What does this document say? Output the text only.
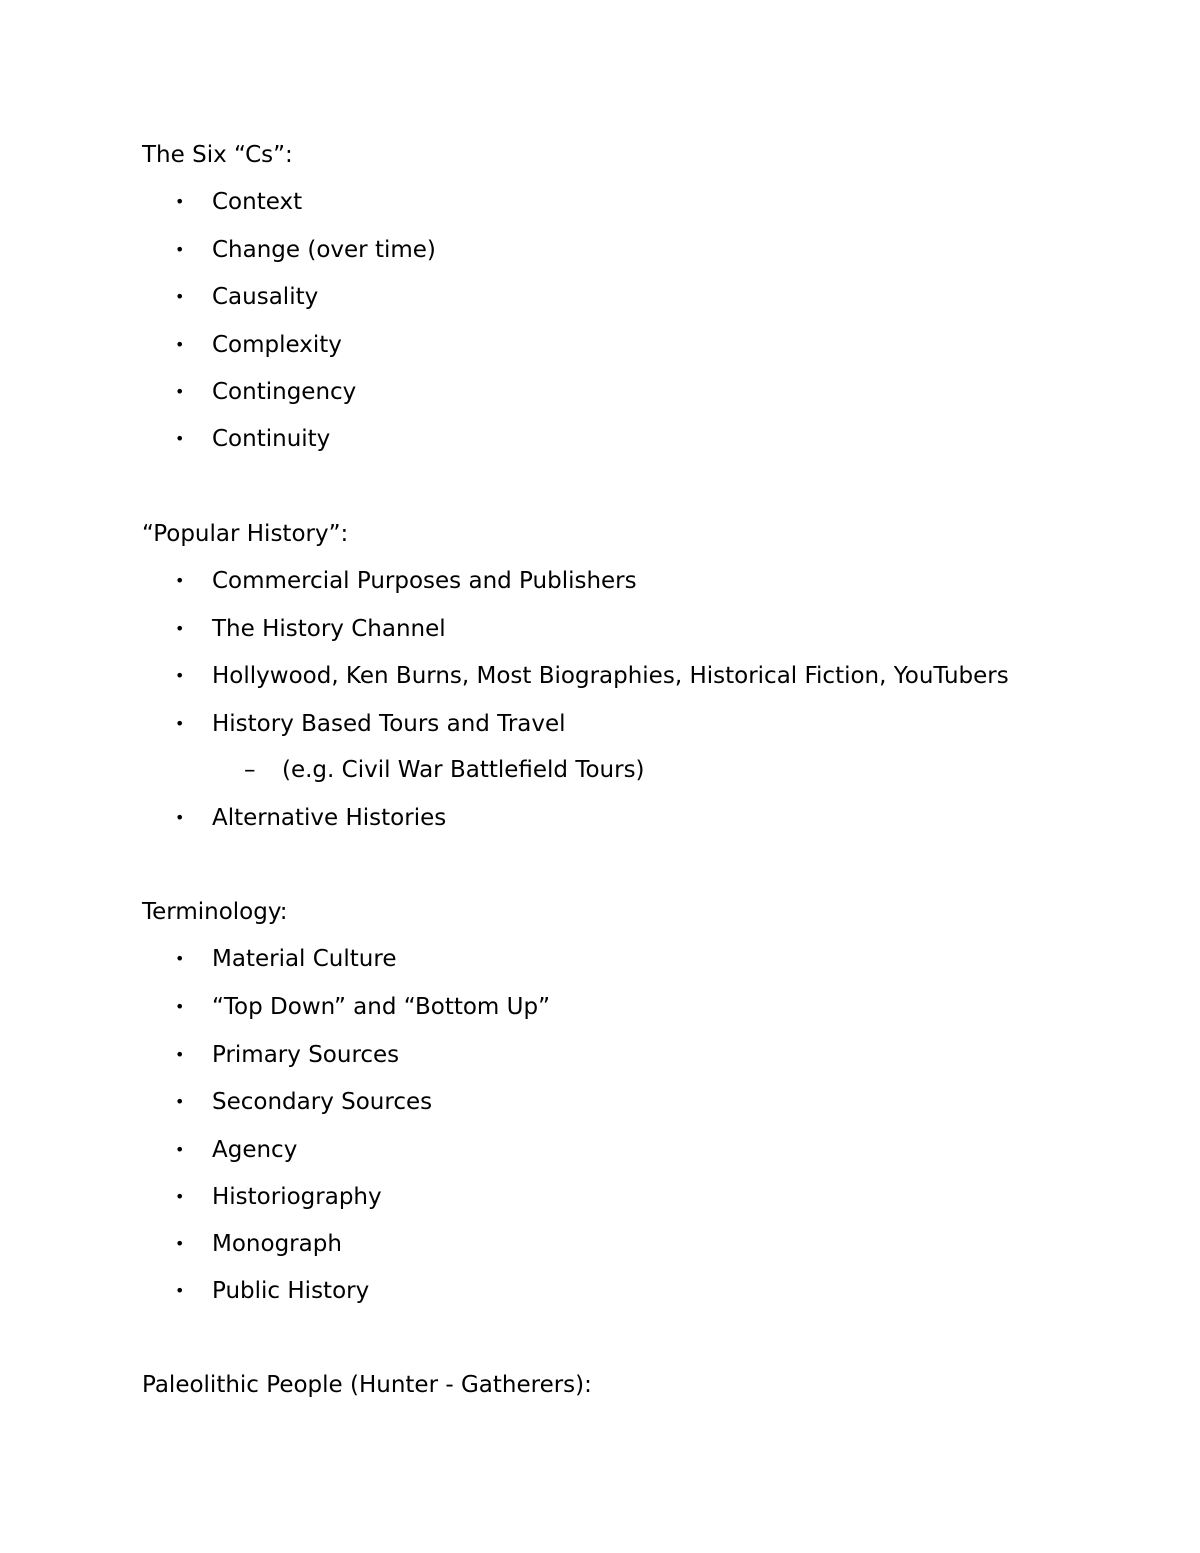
The Six “Cs”:
• Context
• Change (over time)
• Causality
• Complexity
• Contingency
• Continuity
“Popular History”:
• Commercial Purposes and Publishers
• The History Channel
• Hollywood, Ken Burns, Most Biographies, Historical Fiction, YouTubers
• History Based Tours and Travel
– (e.g. Civil War Battlefield Tours)
• Alternative Histories
Terminology:
• Material Culture
• “Top Down” and “Bottom Up”
• Primary Sources
• Secondary Sources
• Agency
• Historiography
• Monograph
• Public History
Paleolithic People (Hunter - Gatherers):
